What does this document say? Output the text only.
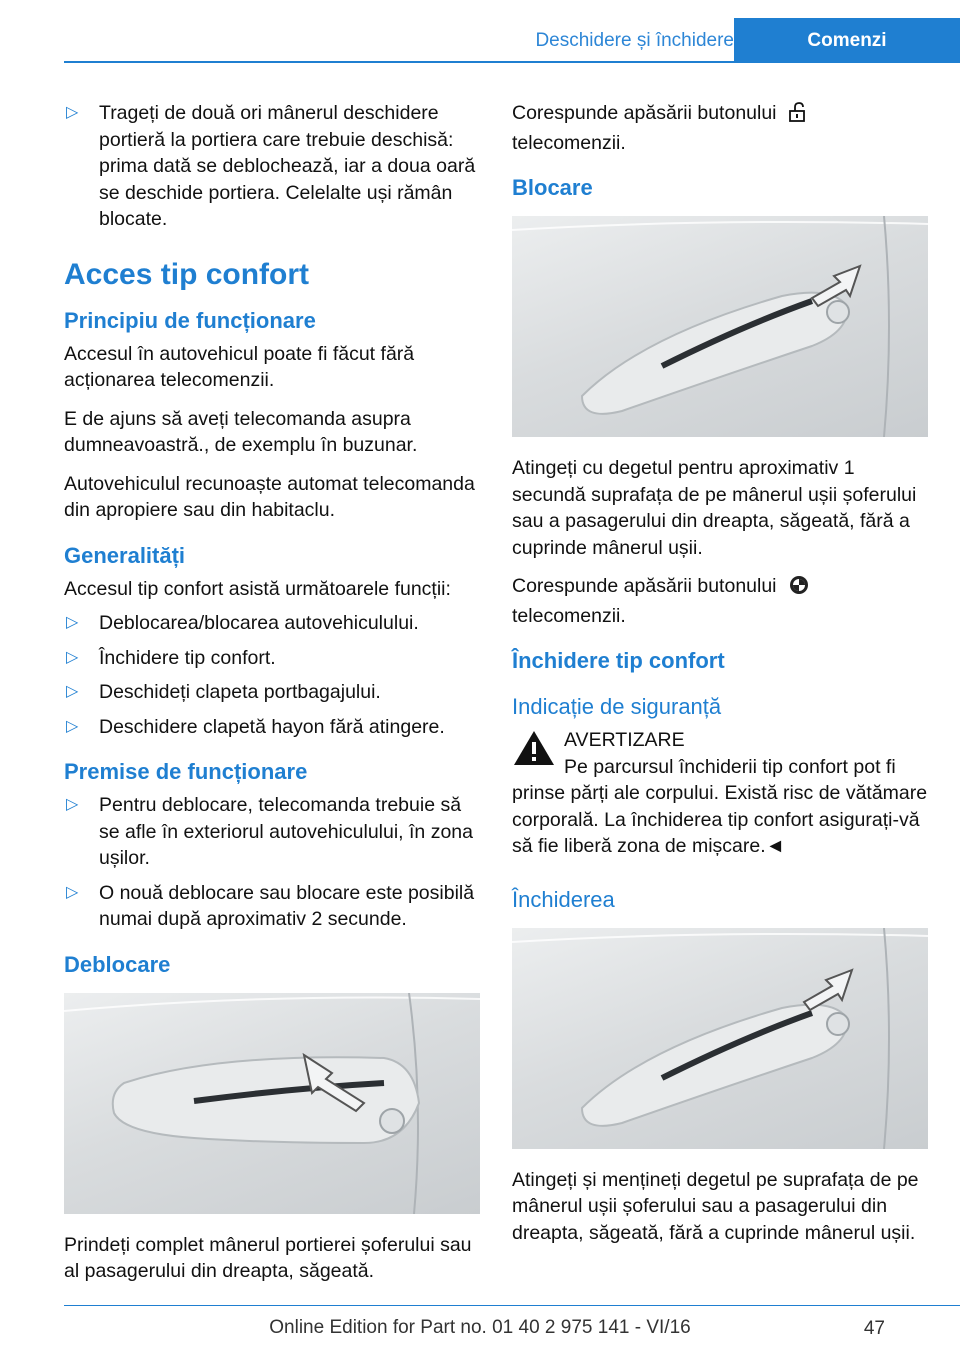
Deschidere și închidere	Comenzi
▷ Trageți de două ori mânerul deschidere portieră la portiera care trebuie deschisă: prima dată se deblochează, iar a doua oară se deschide portiera. Celelalte uși rămân blocate.
Acces tip confort
Principiu de funcționare

Accesul în autovehicul poate fi făcut fără acționarea telecomenzii.

E de ajuns să aveți telecomanda asupra dumneavoastră., de exemplu în buzunar.

Autovehiculul recunoaște automat telecomanda din apropiere sau din habitaclu.

Generalități

Accesul tip confort asistă următoarele funcții:

▷ Deblocarea/blocarea autovehiculului.
▷ Închidere tip confort.
▷ Deschideți clapeta portbagajului.
▷ Deschidere clapetă hayon fără atingere.
Premise de funcționare
▷ Pentru deblocare, telecomanda trebuie să se afle în exteriorul autovehiculului, în zona ușilor.
▷ O nouă deblocare sau blocare este posibilă numai după aproximativ 2 secunde.
Deblocare

Prindeți complet mânerul portierei șoferului sau al pasagerului din dreapta, săgeată.

Corespunde apăsării butonuluitelecomenzii.

Blocare

Atingeți cu degetul pentru aproximativ 1 secundă suprafața de pe mânerul ușii șoferului sau a pasagerului din dreapta, săgeată, fără a cuprinde mânerul ușii.

Corespunde apăsării butonuluitelecomenzii.

Închidere tip confort
Indicație de siguranță
AVERTIZARE
Pe parcursul închiderii tip confort pot fi
prinse părți ale corpului. Există risc de vătămare corporală. La închiderea tip confort asigurați-vă să fie liberă zona de mișcare.◄
Închiderea

Atingeți și mențineți degetul pe suprafața de pe mânerul ușii șoferului sau a pasagerului din dreapta, săgeată, fără a cuprinde mânerul ușii.

Online Edition for Part no. 01 40 2 975 141 - VI/16	47
